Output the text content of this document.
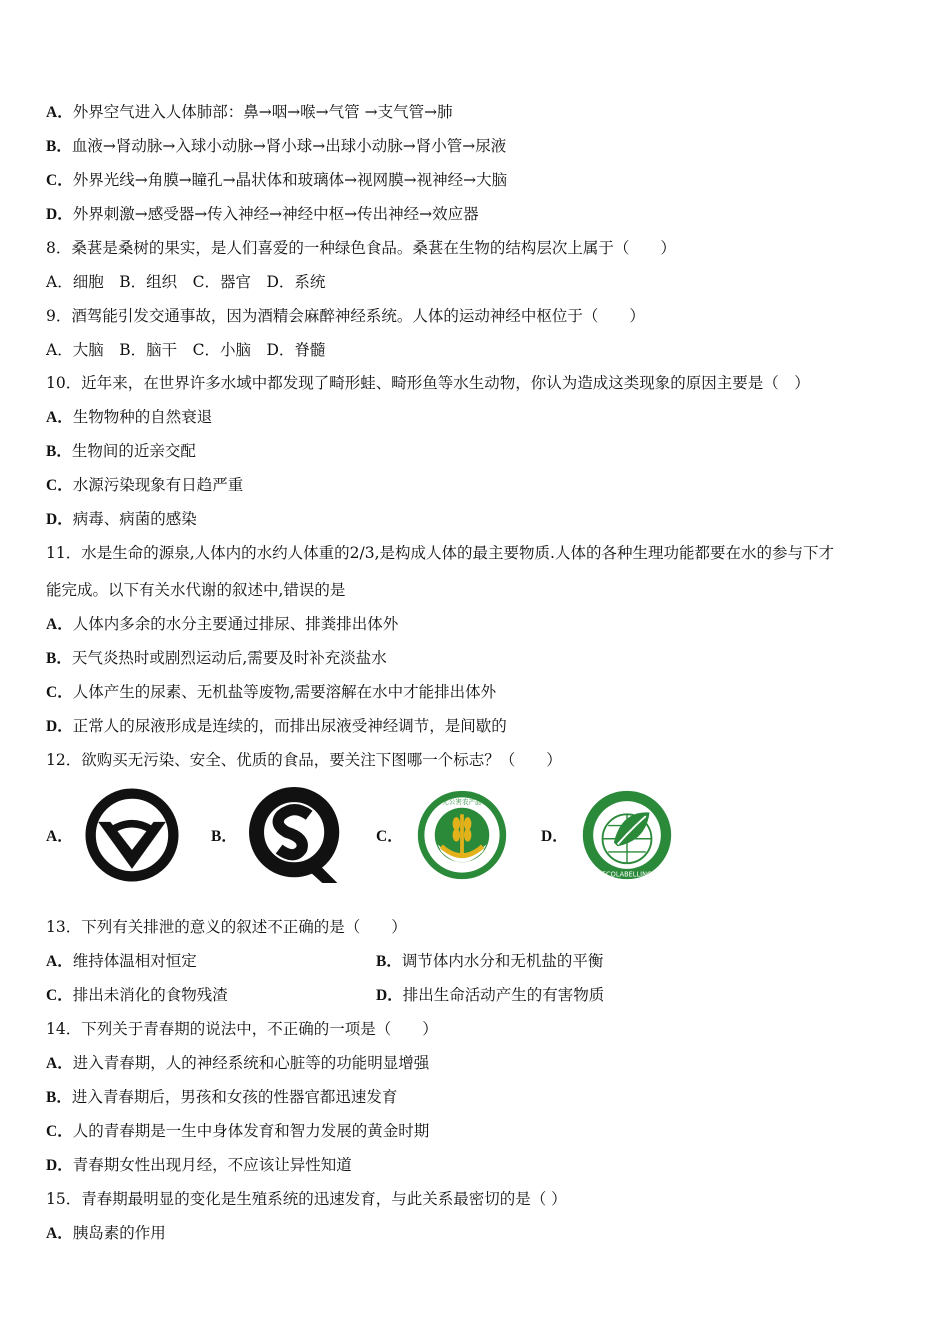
A．外界空气进入人体肺部：鼻→咽→喉→气管 →支气管→肺
B．血液→肾动脉→入球小动脉→肾小球→出球小动脉→肾小管→尿液
C．外界光线→角膜→瞳孔→晶状体和玻璃体→视网膜→视神经→大脑
D．外界刺激→感受器→传入神经→神经中枢→传出神经→效应器
8．桑葚是桑树的果实，是人们喜爱的一种绿色食品。桑葚在生物的结构层次上属于（　　）
A．细胞　B．组织　C．器官　D．系统
9．酒驾能引发交通事故，因为酒精会麻醉神经系统。人体的运动神经中枢位于（　　）
A．大脑　B．脑干　C．小脑　D．脊髓
10．近年来，在世界许多水域中都发现了畸形蛙、畸形鱼等水生动物，你认为造成这类现象的原因主要是（　）
A．生物物种的自然衰退
B．生物间的近亲交配
C．水源污染现象有日趋严重
D．病毒、病菌的感染
11．水是生命的源泉,人体内的水约人体重的2/3,是构成人体的最主要物质.人体的各种生理功能都要在水的参与下才
能完成。以下有关水代谢的叙述中,错误的是
A．人体内多余的水分主要通过排尿、排粪排出体外
B．天气炎热时或剧烈运动后,需要及时补充淡盐水
C．人体产生的尿素、无机盐等废物,需要溶解在水中才能排出体外
D．正常人的尿液形成是连续的，而排出尿液受神经调节，是间歇的
12．欲购买无污染、安全、优质的食品，要关注下图哪一个标志？（　　）
A．	B．	C．
无公害农产品
D．
ECOLABELLING
13．下列有关排泄的意义的叙述不正确的是（　　）
A．维持体温相对恒定	B．调节体内水分和无机盐的平衡
C．排出未消化的食物残渣	D．排出生命活动产生的有害物质
14．下列关于青春期的说法中，不正确的一项是（　　）
A．进入青春期，人的神经系统和心脏等的功能明显增强
B．进入青春期后，男孩和女孩的性器官都迅速发育
C．人的青春期是一生中身体发育和智力发展的黄金时期
D．青春期女性出现月经，不应该让异性知道
15．青春期最明显的变化是生殖系统的迅速发育，与此关系最密切的是（ ）
A．胰岛素的作用
